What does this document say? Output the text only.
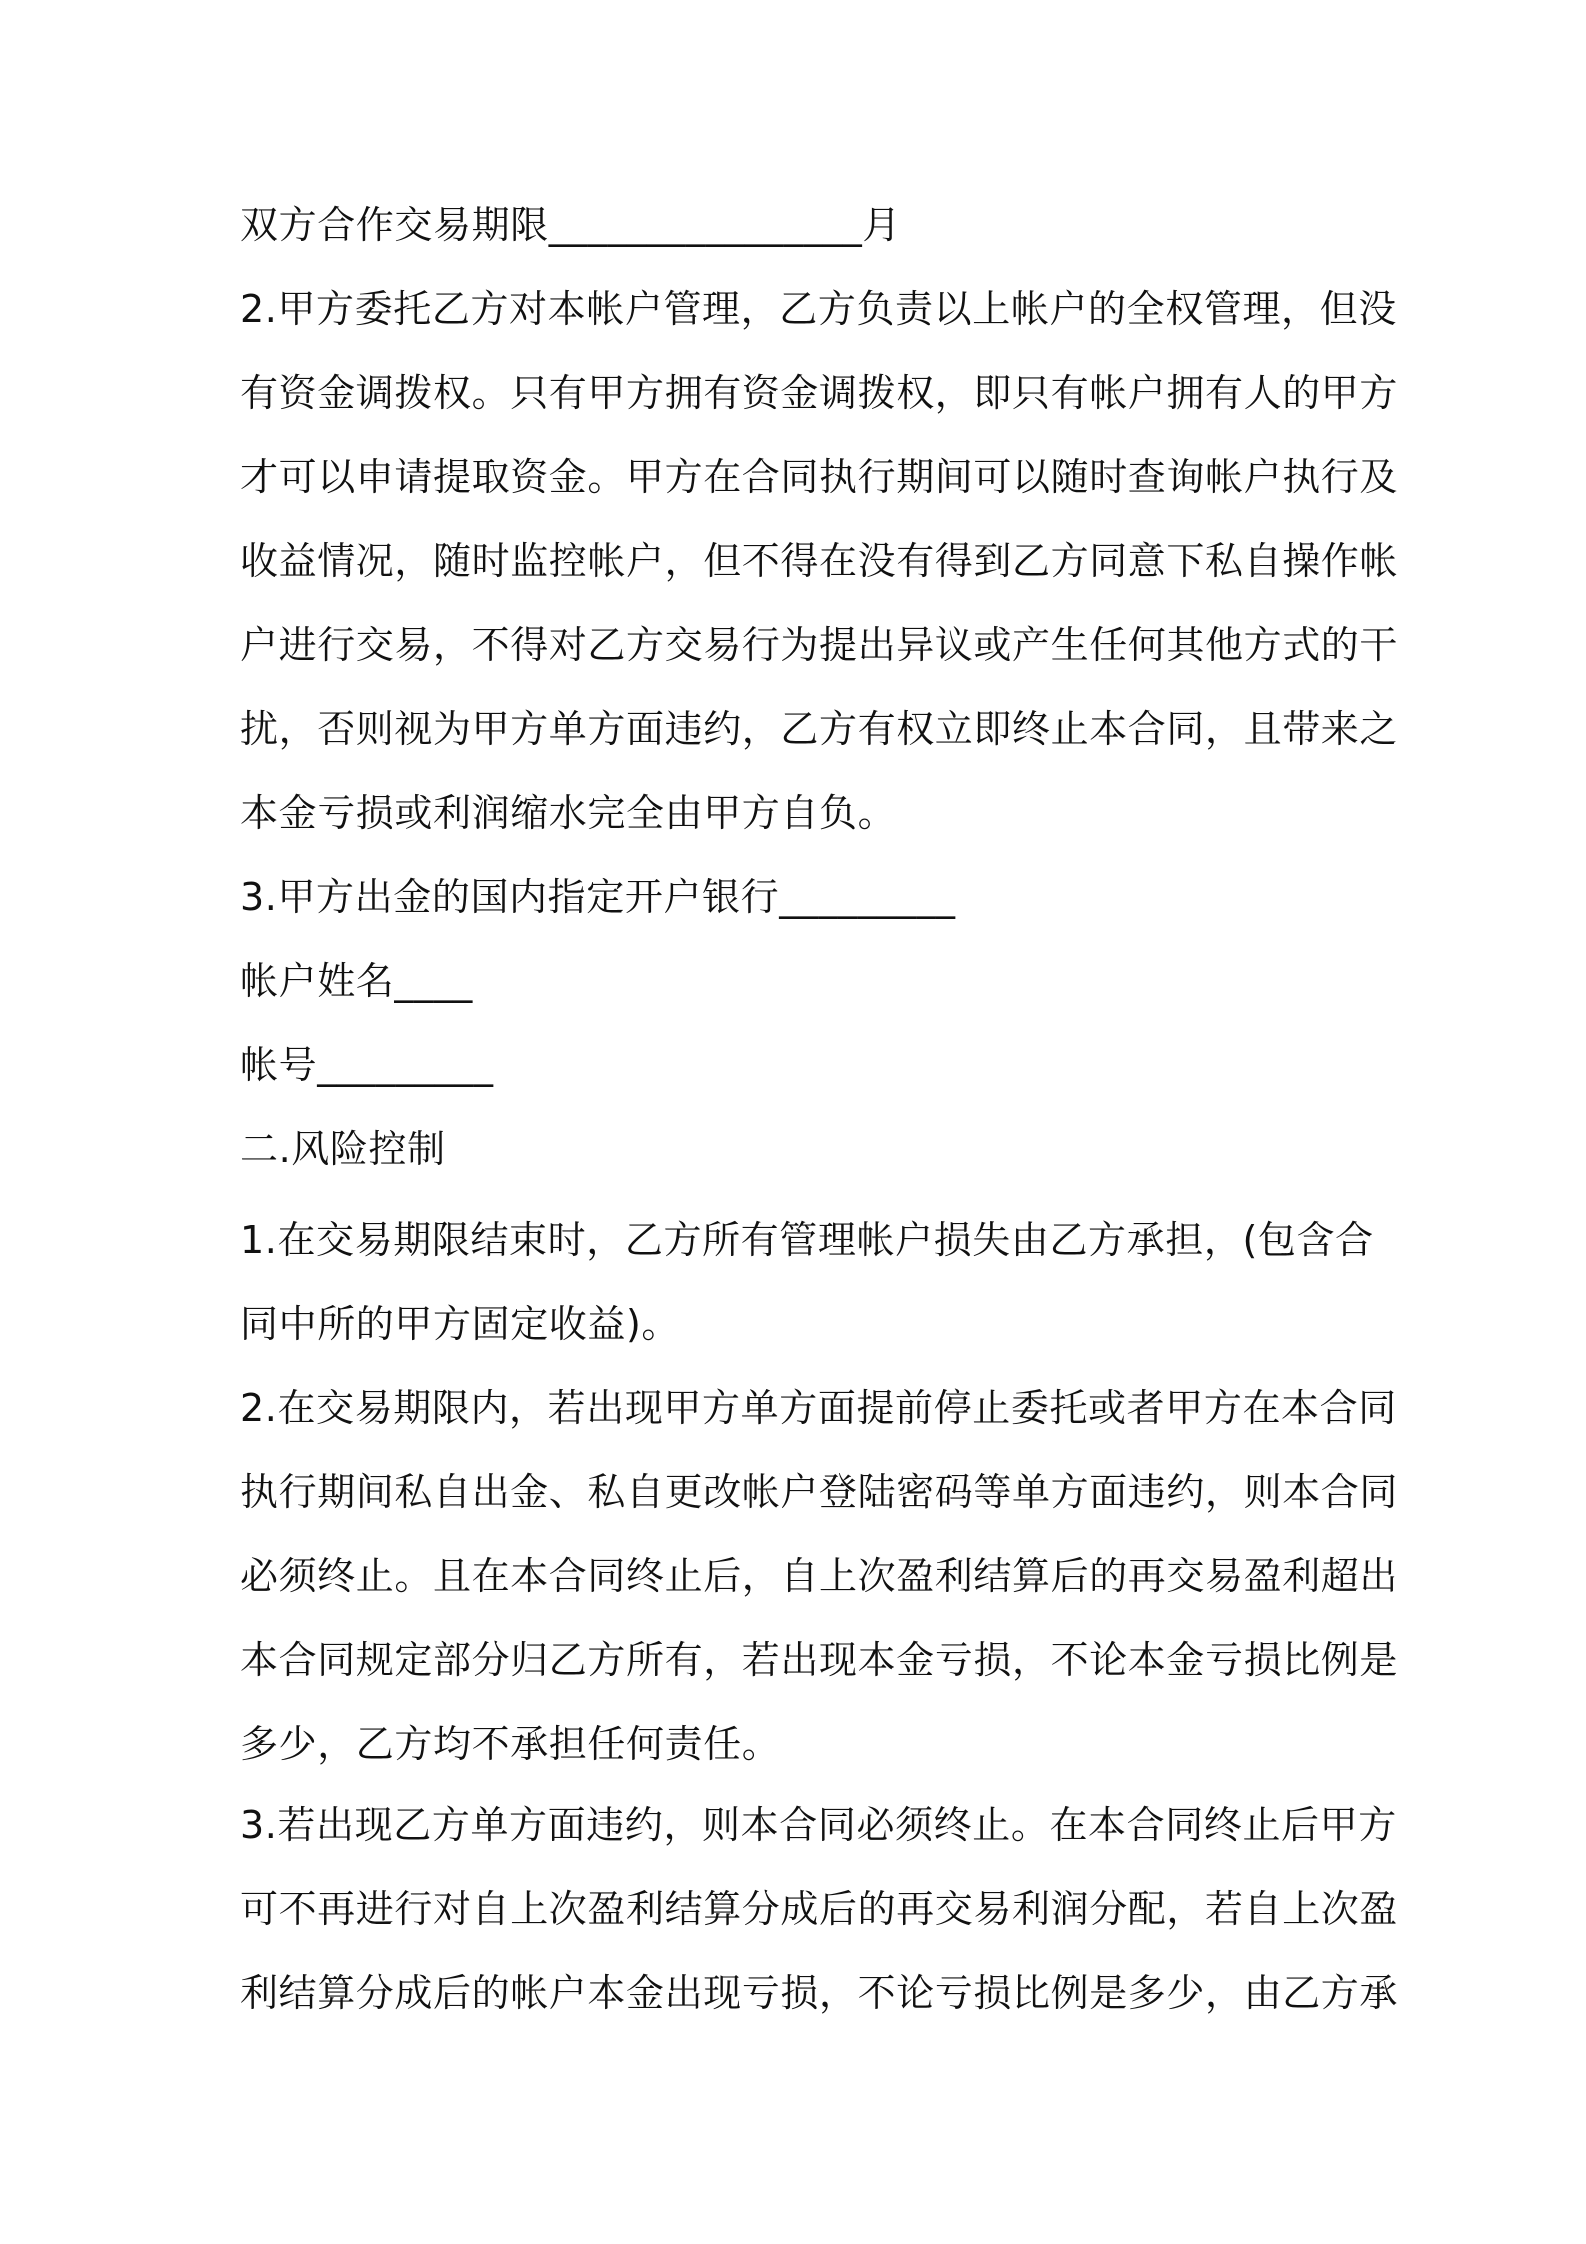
双方合作交易期限________________月
2.甲方委托乙方对本帐户管理，乙方负责以上帐户的全权管理，但没
有资金调拨权。只有甲方拥有资金调拨权，即只有帐户拥有人的甲方
才可以申请提取资金。甲方在合同执行期间可以随时查询帐户执行及
收益情况，随时监控帐户，但不得在没有得到乙方同意下私自操作帐
户进行交易，不得对乙方交易行为提出异议或产生任何其他方式的干
扰，否则视为甲方单方面违约，乙方有权立即终止本合同，且带来之
本金亏损或利润缩水完全由甲方自负。
3.甲方出金的国内指定开户银行_________
帐户姓名____
帐号_________
二.风险控制
1.在交易期限结束时，乙方所有管理帐户损失由乙方承担，(包含合
同中所的甲方固定收益)。
2.在交易期限内，若出现甲方单方面提前停止委托或者甲方在本合同
执行期间私自出金、私自更改帐户登陆密码等单方面违约，则本合同
必须终止。且在本合同终止后，自上次盈利结算后的再交易盈利超出
本合同规定部分归乙方所有，若出现本金亏损，不论本金亏损比例是
多少，乙方均不承担任何责任。
3.若出现乙方单方面违约，则本合同必须终止。在本合同终止后甲方
可不再进行对自上次盈利结算分成后的再交易利润分配，若自上次盈
利结算分成后的帐户本金出现亏损，不论亏损比例是多少，由乙方承
